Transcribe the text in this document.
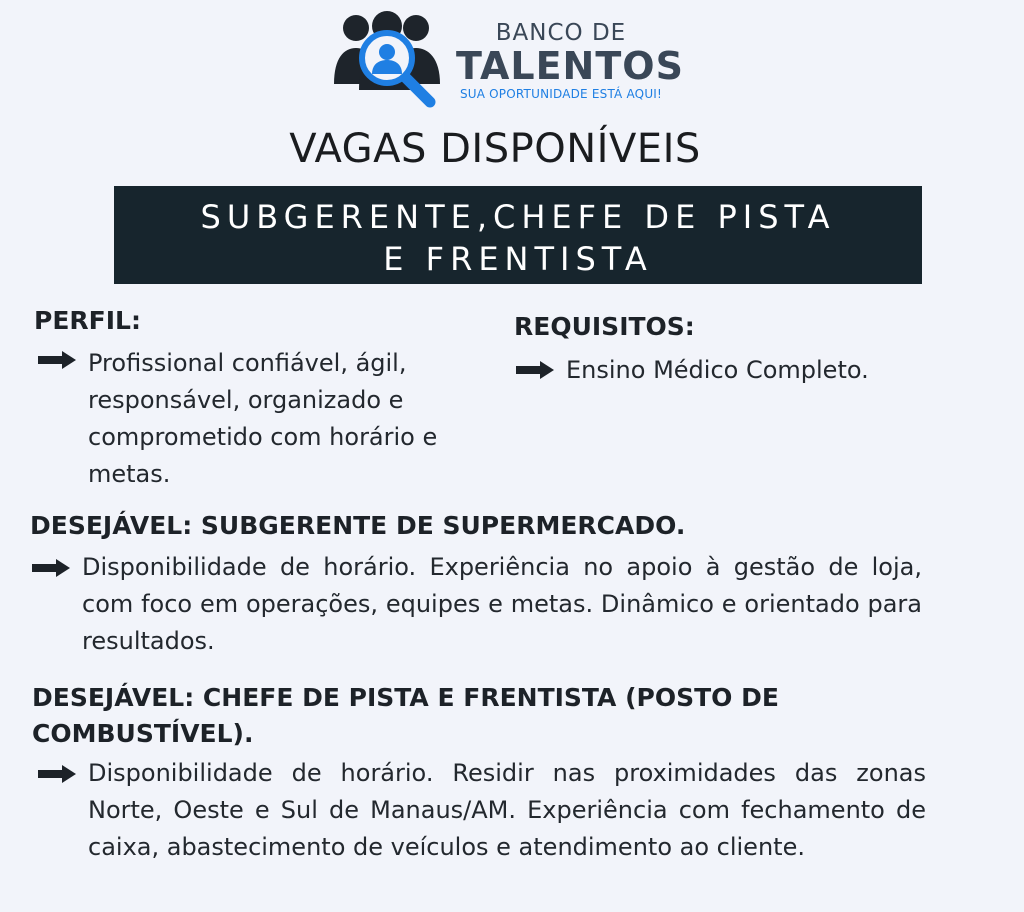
BANCO DE
TALENTOS
SUA OPORTUNIDADE ESTÁ AQUI!
VAGAS DISPONÍVEIS
SUBGERENTE,CHEFE DE PISTA
E FRENTISTA
PERFIL:
Profissional confiável, ágil, responsável, organizado e comprometido com horário e metas.
REQUISITOS:
Ensino Médico Completo.
DESEJÁVEL: SUBGERENTE DE SUPERMERCADO.
Disponibilidade de horário. Experiência no apoio à gestão de loja, com foco em operações, equipes e metas. Dinâmico e orientado para resultados.
DESEJÁVEL: CHEFE DE PISTA E FRENTISTA (POSTO DE COMBUSTÍVEL).
Disponibilidade de horário. Residir nas proximidades das zonas Norte, Oeste e Sul de Manaus/AM. Experiência com fechamento de caixa, abastecimento de veículos e atendimento ao cliente.
